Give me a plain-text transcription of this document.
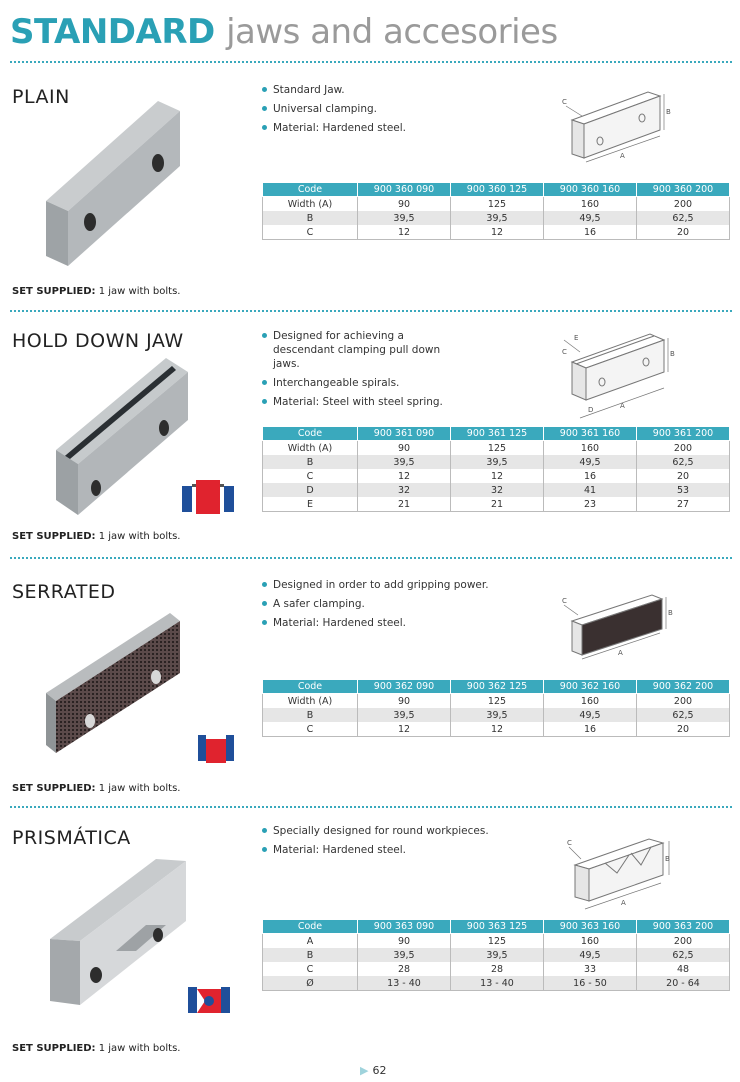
STANDARD jaws and accesories
PLAIN	Standard Jaw.
Universal clamping.
Material: Hardened steel.
C
B
A
Code	900 360 090	900 360 125	900 360 160	900 360 200
Width (A)	90	125	160	200
B	39,5	39,5	49,5	62,5
C	12	12	16	20
SET SUPPLIED: 1 jaw with bolts.
HOLD DOWN JAW	Designed for achieving a descendant clamping pull down jaws.
Interchangeable spirals.
Material: Steel with steel spring.
E
C	B
D	A
Code	900 361 090	900 361 125	900 361 160	900 361 200
Width (A)	90	125	160	200
B	39,5	39,5	49,5	62,5
C	12	12	16	20
D	32	32	41	53
E	21	21	23	27
SET SUPPLIED: 1 jaw with bolts.
SERRATED	Designed in order to add gripping power.
A safer clamping.
Material: Hardened steel.
C
B
A
Code	900 362 090	900 362 125	900 362 160	900 362 200
Width (A)	90	125	160	200
B	39,5	39,5	49,5	62,5
C	12	12	16	20
SET SUPPLIED: 1 jaw with bolts.
PRISMÁTICA	Specially designed for round workpieces.
Material: Hardened steel.
C
B
A
Code	900 363 090	900 363 125	900 363 160	900 363 200
A	90	125	160	200
B	39,5	39,5	49,5	62,5
C	28	28	33	48
Ø	13 - 40	13 - 40	16 - 50	20 - 64
SET SUPPLIED: 1 jaw with bolts.
▶ 62
